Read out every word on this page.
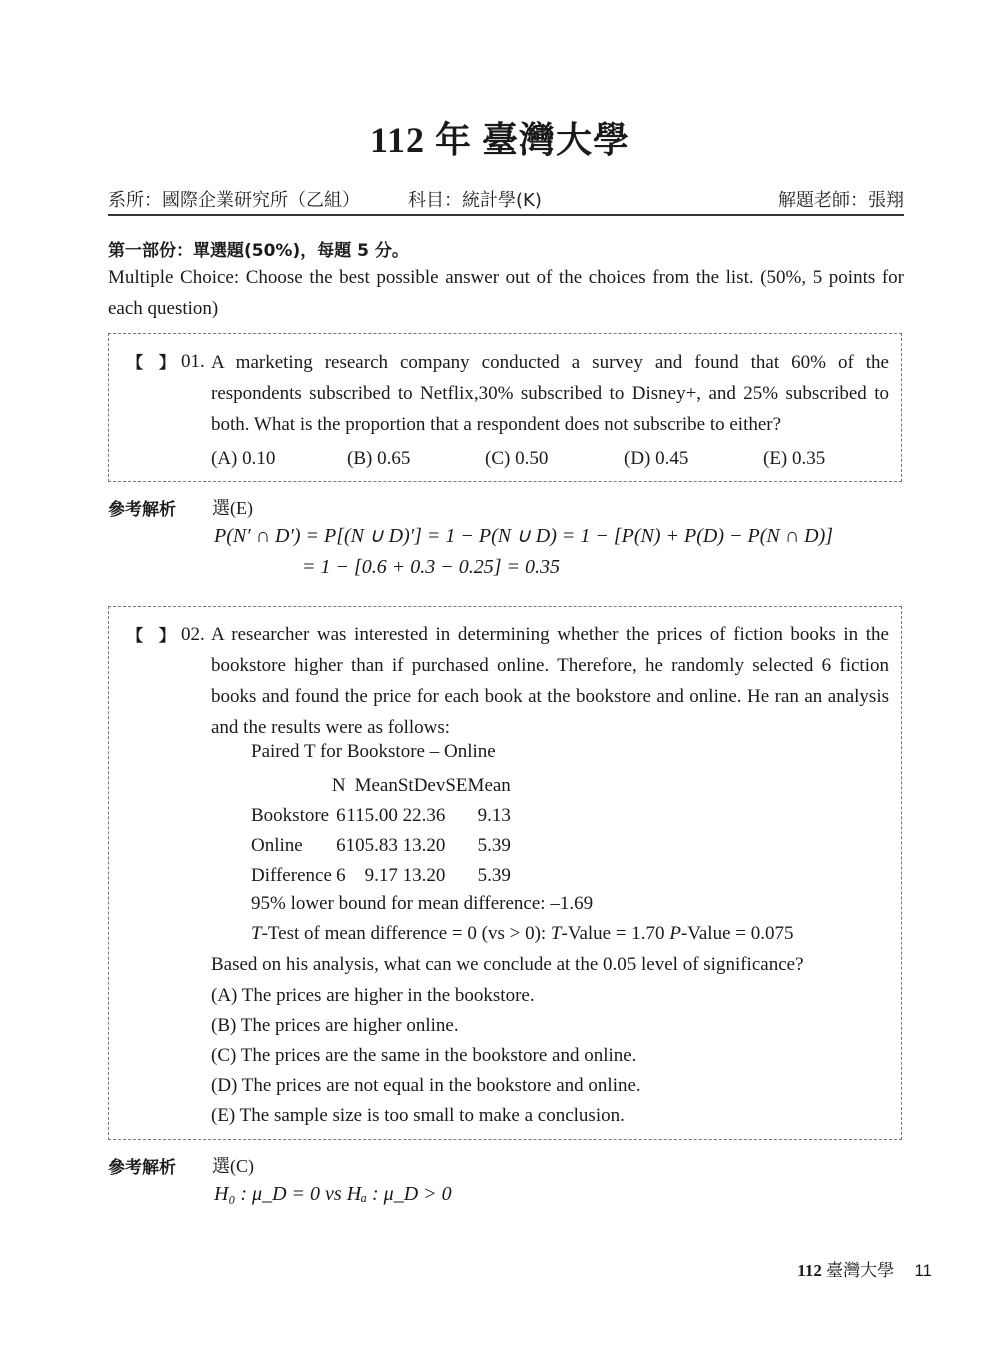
112 年 臺灣大學
系所：國際企業研究所（乙組）	科目：統計學(K)	解題老師：張翔
第一部份：單選題(50%)，每題 5 分。
Multiple Choice: Choose the best possible answer out of the choices from the list. (50%, 5 points for each question)
【 】 01. A marketing research company conducted a survey and found that 60% of the respondents subscribed to Netflix,30% subscribed to Disney+, and 25% subscribed to both. What is the proportion that a respondent does not subscribe to either?
(A) 0.10	(B) 0.65	(C) 0.50	(D) 0.45	(E) 0.35
參考解析 選(E)
P(N′ ∩ D′) = P[(N ∪ D)′] = 1 − P(N ∪ D) = 1 − [P(N) + P(D) − P(N ∩ D)]
= 1 − [0.6 + 0.3 − 0.25] = 0.35
【 】 02. A researcher was interested in determining whether the prices of fiction books in the bookstore higher than if purchased online. Therefore, he randomly selected 6 fiction books and found the price for each book at the bookstore and online. He ran an analysis and the results were as follows:
Paired T for Bookstore – Online
	N	Mean	StDev	SE	Mean
Bookstore	6	115.00	22.36		9.13
Online	6	105.83	13.20		5.39
Difference	6	9.17	13.20		5.39
95% lower bound for mean difference: –1.69
T-Test of mean difference = 0 (vs > 0): T-Value = 1.70 P-Value = 0.075
Based on his analysis, what can we conclude at the 0.05 level of significance?
(A) The prices are higher in the bookstore.
(B) The prices are higher online.
(C) The prices are the same in the bookstore and online.
(D) The prices are not equal in the bookstore and online.
(E) The sample size is too small to make a conclusion.
參考解析 選(C)
H₀ : μ_D = 0 vs Hₐ : μ_D > 0
112 臺灣大學 11
